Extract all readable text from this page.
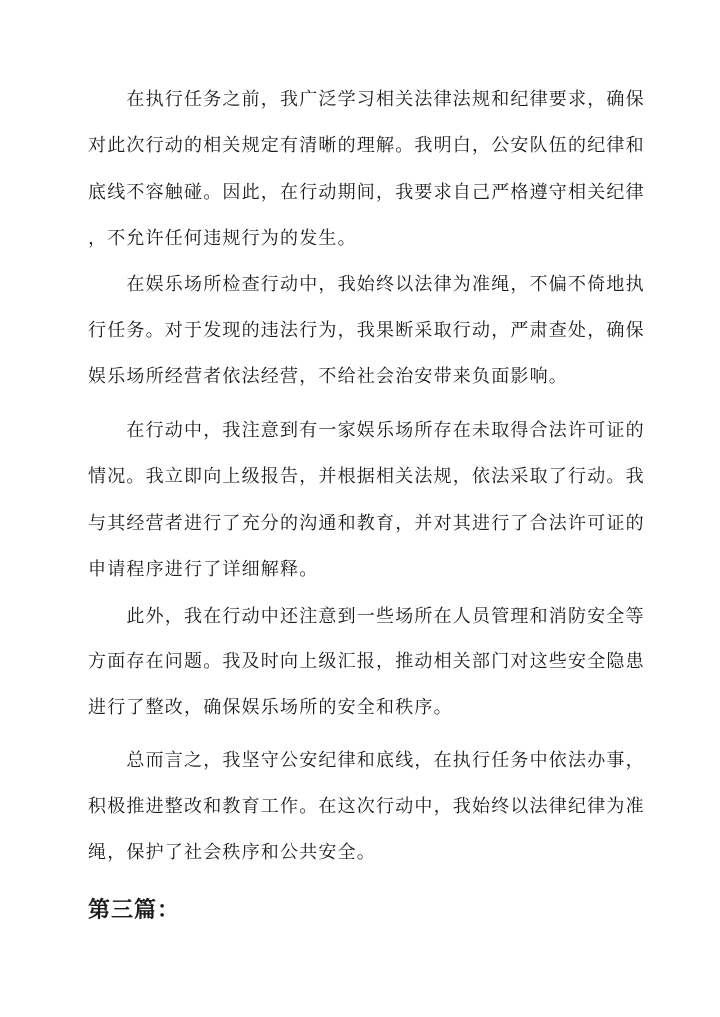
　　在执行任务之前，我广泛学习相关法律法规和纪律要求，确保
对此次行动的相关规定有清晰的理解。我明白，公安队伍的纪律和
底线不容触碰。因此，在行动期间，我要求自己严格遵守相关纪律
，不允许任何违规行为的发生。
　　在娱乐场所检查行动中，我始终以法律为准绳，不偏不倚地执
行任务。对于发现的违法行为，我果断采取行动，严肃查处，确保
娱乐场所经营者依法经营，不给社会治安带来负面影响。
　　在行动中，我注意到有一家娱乐场所存在未取得合法许可证的
情况。我立即向上级报告，并根据相关法规，依法采取了行动。我
与其经营者进行了充分的沟通和教育，并对其进行了合法许可证的
申请程序进行了详细解释。
　　此外，我在行动中还注意到一些场所在人员管理和消防安全等
方面存在问题。我及时向上级汇报，推动相关部门对这些安全隐患
进行了整改，确保娱乐场所的安全和秩序。
　　总而言之，我坚守公安纪律和底线，在执行任务中依法办事，
积极推进整改和教育工作。在这次行动中，我始终以法律纪律为准
绳，保护了社会秩序和公共安全。
第三篇：
